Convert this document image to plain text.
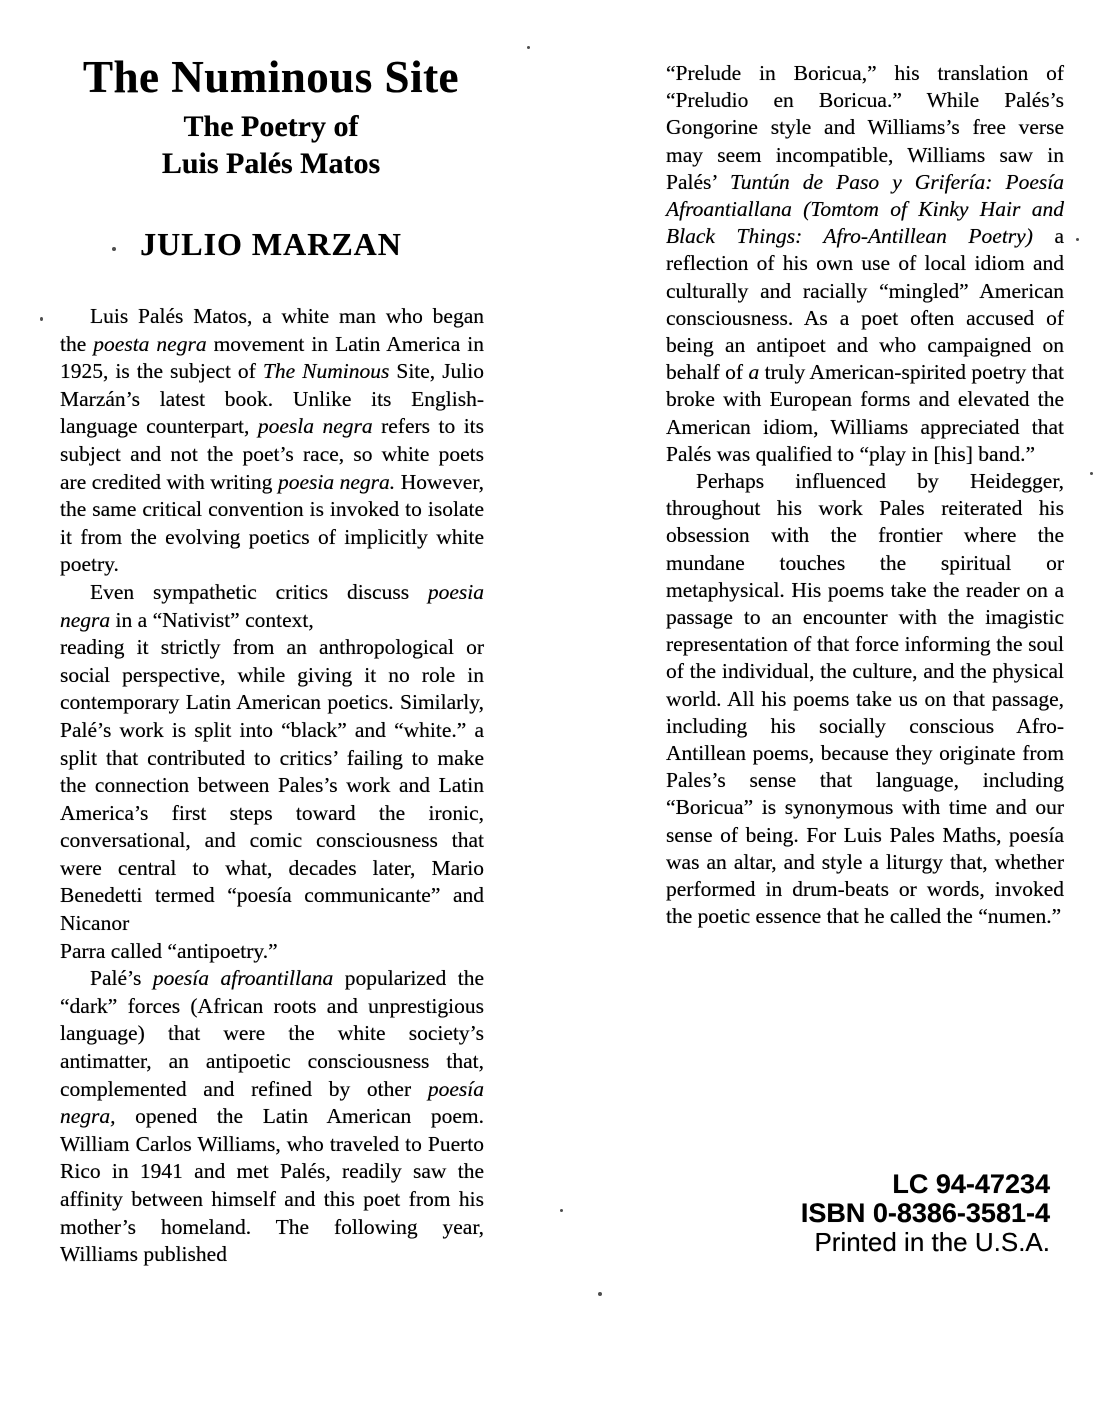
The Numinous Site
The Poetry of
Luis Palés Matos
JULIO MARZAN
Luis Palés Matos, a white man who began the poesta negra movement in Latin America in 1925, is the subject of The Numinous Site, Julio Marzán’s latest book. Unlike its English-language counterpart, poesla negra refers to its subject and not the poet’s race, so white poets are credited with writing poesia negra. However, the same critical convention is invoked to isolate it from the evolving poetics of implicitly white poetry.
Even sympathetic critics discuss poesia negra in a “Nativist” context,
reading it strictly from an anthropological or social perspective, while giving it no role in contemporary Latin American poetics. Similarly, Palé’s work is split into “black” and “white.” a split that contributed to critics’ failing to make the connection between Pales’s work and Latin America’s first steps toward the ironic, conversational, and comic consciousness that were central to what, decades later, Mario Benedetti termed “poesía communicante” and Nicanor
Parra called “antipoetry.”
Palé’s poesía afroantillana popularized the “dark” forces (African roots and unprestigious language) that were the white society’s antimatter, an antipoetic consciousness that, complemented and refined by other poesía negra, opened the Latin American poem. William Carlos Williams, who traveled to Puerto Rico in 1941 and met Palés, readily saw the affinity between himself and this poet from his mother’s homeland. The following year, Williams published
“Prelude in Boricua,” his translation of “Preludio en Boricua.” While Palés’s Gongorine style and Williams’s free verse may seem incompatible, Williams saw in Palés’ Tuntún de Paso y Grifería: Poesía Afroantiallana (Tomtom of Kinky Hair and Black Things: Afro-Antillean Poetry) a reflection of his own use of local idiom and culturally and racially “mingled” American consciousness. As a poet often accused of being an antipoet and who campaigned on behalf of a truly American-spirited poetry that broke with European forms and elevated the American idiom, Williams appreciated that Palés was qualified to “play in [his] band.”
Perhaps influenced by Heidegger, throughout his work Pales reiterated his obsession with the frontier where the mundane touches the spiritual or metaphysical. His poems take the reader on a passage to an encounter with the imagistic representation of that force informing the soul of the individual, the culture, and the physical world. All his poems take us on that passage, including his socially conscious Afro-Antillean poems, because they originate from Pales’s sense that language, including “Boricua” is synonymous with time and our sense of being. For Luis Pales Maths, poesía was an altar, and style a liturgy that, whether performed in drum-beats or words, invoked the poetic essence that he called the “numen.”
LC 94-47234
ISBN 0-8386-3581-4
Printed in the U.S.A.
